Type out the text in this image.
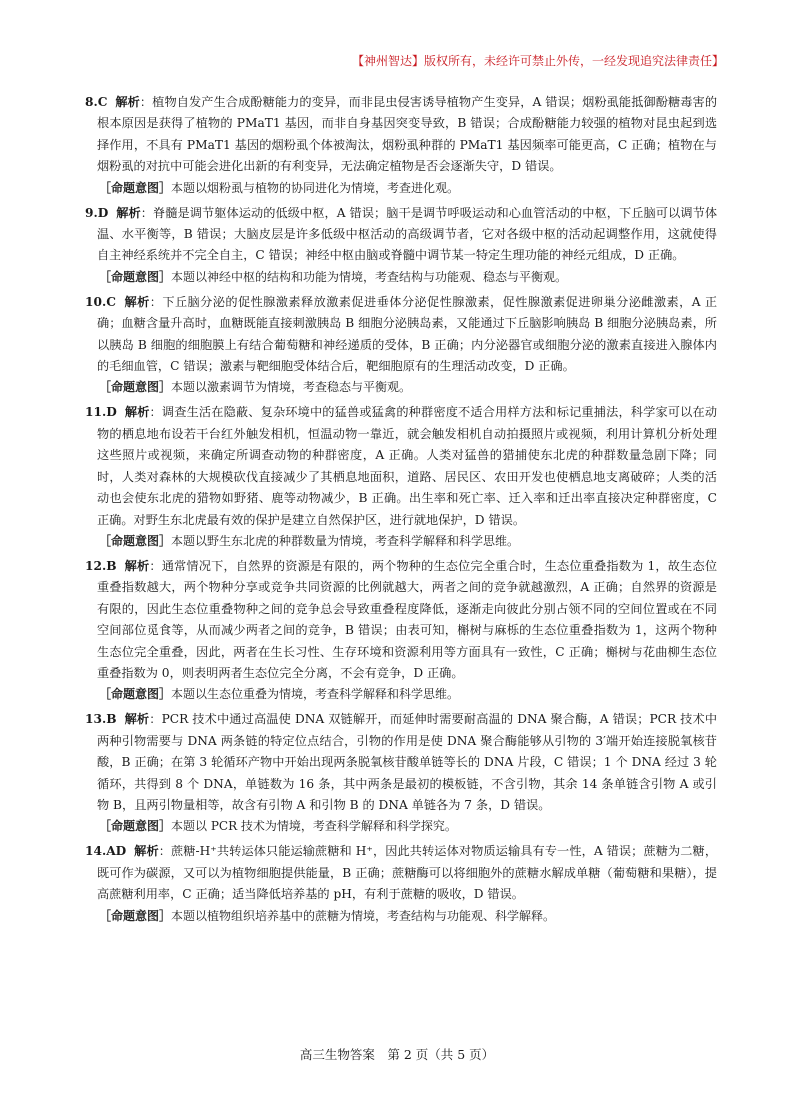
【神州智达】版权所有，未经许可禁止外传，一经发现追究法律责任】
8.C 解析：植物自发产生合成酚糖能力的变异，而非昆虫侵害诱导植物产生变异，A 错误；烟粉虱能抵御酚糖毒害的根本原因是获得了植物的 PMaT1 基因，而非自身基因突变导致，B 错误；合成酚糖能力较强的植物对昆虫起到选择作用，不具有 PMaT1 基因的烟粉虱个体被淘汰，烟粉虱种群的 PMaT1 基因频率可能更高，C 正确；植物在与烟粉虱的对抗中可能会进化出新的有利变异，无法确定植物是否会逐渐失守，D 错误。
［命题意图］本题以烟粉虱与植物的协同进化为情境，考查进化观。
9.D 解析：脊髓是调节躯体运动的低级中枢，A 错误；脑干是调节呼吸运动和心血管活动的中枢，下丘脑可以调节体温、水平衡等，B 错误；大脑皮层是许多低级中枢活动的高级调节者，它对各级中枢的活动起调整作用，这就使得自主神经系统并不完全自主，C 错误；神经中枢由脑或脊髓中调节某一特定生理功能的神经元组成，D 正确。
［命题意图］本题以神经中枢的结构和功能为情境，考查结构与功能观、稳态与平衡观。
10.C 解析：下丘脑分泌的促性腺激素释放激素促进垂体分泌促性腺激素，促性腺激素促进卵巢分泌雌激素，A 正确；血糖含量升高时，血糖既能直接刺激胰岛 B 细胞分泌胰岛素，又能通过下丘脑影响胰岛 B 细胞分泌胰岛素，所以胰岛 B 细胞的细胞膜上有结合葡萄糖和神经递质的受体，B 正确；内分泌器官或细胞分泌的激素直接进入腺体内的毛细血管，C 错误；激素与靶细胞受体结合后，靶细胞原有的生理活动改变，D 正确。
［命题意图］本题以激素调节为情境，考查稳态与平衡观。
11.D 解析：调查生活在隐蔽、复杂环境中的猛兽或猛禽的种群密度不适合用样方法和标记重捕法，科学家可以在动物的栖息地布设若干台红外触发相机，恒温动物一靠近，就会触发相机自动拍摄照片或视频，利用计算机分析处理这些照片或视频，来确定所调查动物的种群密度，A 正确。人类对猛兽的猎捕使东北虎的种群数量急剧下降；同时，人类对森林的大规模砍伐直接减少了其栖息地面积，道路、居民区、农田开发也使栖息地支离破碎；人类的活动也会使东北虎的猎物如野猪、鹿等动物减少，B 正确。出生率和死亡率、迁入率和迁出率直接决定种群密度，C 正确。对野生东北虎最有效的保护是建立自然保护区，进行就地保护，D 错误。
［命题意图］本题以野生东北虎的种群数量为情境，考查科学解释和科学思维。
12.B 解析：通常情况下，自然界的资源是有限的，两个物种的生态位完全重合时，生态位重叠指数为 1，故生态位重叠指数越大，两个物种分享或竞争共同资源的比例就越大，两者之间的竞争就越激烈，A 正确；自然界的资源是有限的，因此生态位重叠物种之间的竞争总会导致重叠程度降低，逐渐走向彼此分别占领不同的空间位置或在不同空间部位觅食等，从而减少两者之间的竞争，B 错误；由表可知，槲树与麻栎的生态位重叠指数为 1，这两个物种生态位完全重叠，因此，两者在生长习性、生存环境和资源利用等方面具有一致性，C 正确；槲树与花曲柳生态位重叠指数为 0，则表明两者生态位完全分离，不会有竞争，D 正确。
［命题意图］本题以生态位重叠为情境，考查科学解释和科学思维。
13.B 解析：PCR 技术中通过高温使 DNA 双链解开，而延伸时需要耐高温的 DNA 聚合酶，A 错误；PCR 技术中两种引物需要与 DNA 两条链的特定位点结合，引物的作用是使 DNA 聚合酶能够从引物的 3′端开始连接脱氧核苷酸，B 正确；在第 3 轮循环产物中开始出现两条脱氧核苷酸单链等长的 DNA 片段，C 错误；1 个 DNA 经过 3 轮循环，共得到 8 个 DNA，单链数为 16 条，其中两条是最初的模板链，不含引物，其余 14 条单链含引物 A 或引物 B，且两引物量相等，故含有引物 A 和引物 B 的 DNA 单链各为 7 条，D 错误。
［命题意图］本题以 PCR 技术为情境，考查科学解释和科学探究。
14.AD 解析：蔗糖-H⁺共转运体只能运输蔗糖和 H⁺，因此共转运体对物质运输具有专一性，A 错误；蔗糖为二糖，既可作为碳源，又可以为植物细胞提供能量，B 正确；蔗糖酶可以将细胞外的蔗糖水解成单糖（葡萄糖和果糖），提高蔗糖利用率，C 正确；适当降低培养基的 pH，有利于蔗糖的吸收，D 错误。
［命题意图］本题以植物组织培养基中的蔗糖为情境，考查结构与功能观、科学解释。
高三生物答案　第 2 页（共 5 页）
